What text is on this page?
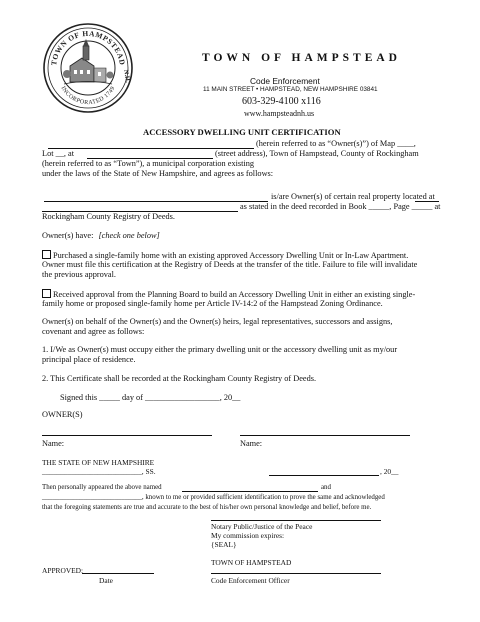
TOWN OF HAMPSTEAD
INCORPORATED 1749
N.H.
TOWN OF HAMPSTEAD
Code Enforcement
11 MAIN STREET • HAMPSTEAD, NEW HAMPSHIRE 03841
603-329-4100 x116
www.hampsteadnh.us
ACCESSORY DWELLING UNIT CERTIFICATION
(herein referred to as “Owner(s)”) of Map ____,
Lot __, at	(street address), Town of Hampstead, County of Rockingham
(herein referred to as “Town”), a municipal corporation existing
under the laws of the State of New Hampshire, and agrees as follows:
is/are Owner(s) of certain real property located at
as stated in the deed recorded in Book _____, Page _____ at
Rockingham County Registry of Deeds.
Owner(s) have: [check one below]
Purchased a single-family home with an existing approved Accessory Dwelling Unit or In-Law Apartment.
Owner must file this certification at the Registry of Deeds at the transfer of the title. Failure to file will invalidate
the previous approval.
Received approval from the Planning Board to build an Accessory Dwelling Unit in either an existing single-
family home or proposed single-family home per Article IV-14:2 of the Hampstead Zoning Ordinance.
Owner(s) on behalf of the Owner(s) and the Owner(s) heirs, legal representatives, successors and assigns,
covenant and agree as follows:
1. I/We as Owner(s) must occupy either the primary dwelling unit or the accessory dwelling unit as my/our
principal place of residence.
2. This Certificate shall be recorded at the Rockingham County Registry of Deeds.
Signed this _____ day of __________________, 20__
OWNER(S)
Name:	Name:
THE STATE OF NEW HAMPSHIRE
___________________________, SS.	, 20__
Then personally appeared the above named	and
_____________________________, known to me or provided sufficient identification to prove the same and acknowledged
that the foregoing statements are true and accurate to the best of his/her own personal knowledge and belief, before me.
Notary Public/Justice of the Peace
My commission expires:
{SEAL}
TOWN OF HAMPSTEAD
APPROVED:
Date	Code Enforcement Officer
